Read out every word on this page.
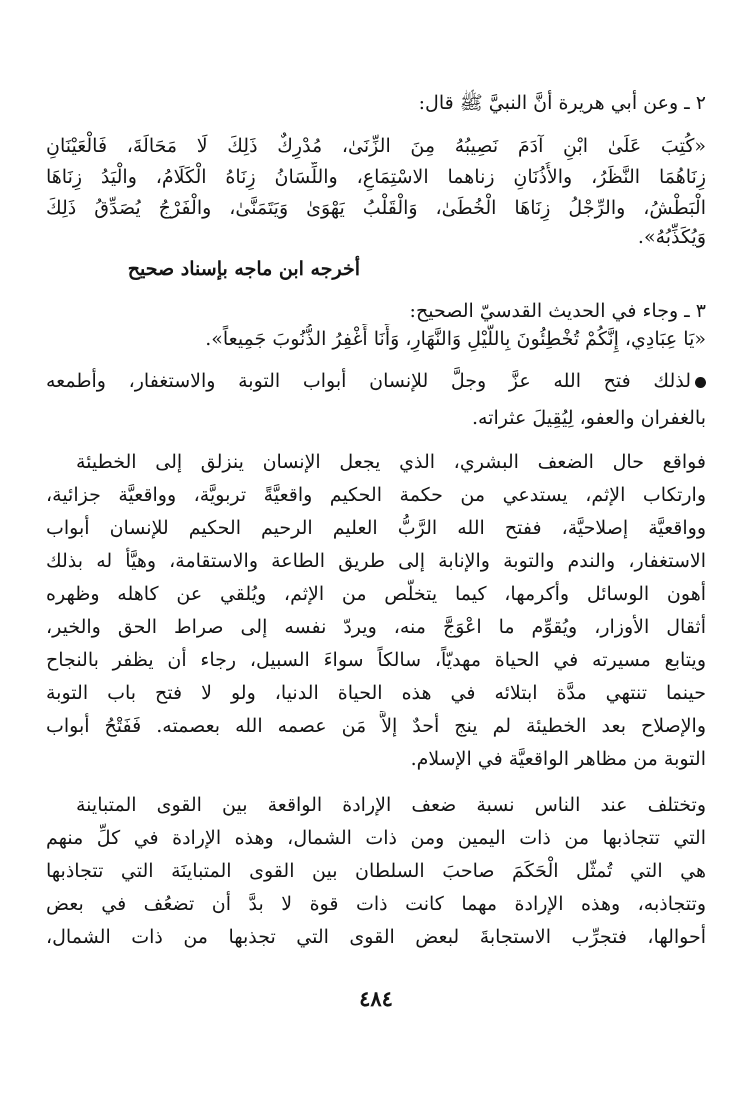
٢ ـ وعن أبي هريرة أنَّ النبيَّ ﷺ قال:
«كُتِبَ عَلَىٰ ابْنِ آدَمَ نَصِيبُهُ مِنَ الزِّنَىٰ، مُدْرِكٌ ذَلِكَ لَا مَحَالَةَ، فَالْعَيْنَانِ
زِنَاهُمَا النَّظَرُ، والأُذُنَانِ زناهما الاسْتِمَاعِ، واللِّسَانُ زِنَاهُ الْكَلَامُ، والْيَدُ زِنَاهَا
الْبَطْشُ، والرِّجْلُ زِنَاهَا الْخُطَىٰ، وَالْقَلْبُ يَهْوَىٰ وَيَتَمَنَّىٰ، والْفَرْجُ يُصَدِّقُ ذَلِكَ
وَيُكَذِّبُهُ».
أخرجه ابن ماجه بإسناد صحيح
٣ ـ وجاء في الحديث القدسيّ الصحيح:
«يَا عِبَادِي، إِنَّكُمْ تُخْطِئُونَ بِاللَّيْلِ وَالنَّهَارِ، وَأَنَا أَغْفِرُ الذُّنُوبَ جَمِيعاً».
لذلك فتح الله عزَّ وجلَّ للإنسان أبواب التوبة والاستغفار، وأطمعه
بالغفران والعفو، لِيُقِيلَ عثراته.
فواقع حال الضعف البشري، الذي يجعل الإنسان ينزلق إلى الخطيئة
وارتكاب الإثم، يستدعي من حكمة الحكيم واقعيَّةً تربويَّة، وواقعيَّة جزائية،
وواقعيَّة إصلاحيَّة، ففتح الله الرَّبُّ العليم الرحيم الحكيم للإنسان أبواب
الاستغفار، والندم والتوبة والإنابة إلى طريق الطاعة والاستقامة، وهيَّأ له بذلك
أهون الوسائل وأكرمها، كيما يتخلَّص من الإثم، ويُلقي عن كاهله وظهره
أثقال الأوزار، ويُقوِّم ما اعْوَجَّ منه، ويردّ نفسه إلى صراط الحق والخير،
ويتابع مسيرته في الحياة مهديّاً، سالكاً سواءَ السبيل، رجاء أن يظفر بالنجاح
حينما تنتهي مدَّة ابتلائه في هذه الحياة الدنيا، ولو لا فتح باب التوبة
والإصلاح بعد الخطيئة لم ينج أحدٌ إلاَّ مَن عصمه الله بعصمته. فَفَتْحُ أبواب
التوبة من مظاهر الواقعيَّة في الإسلام.
وتختلف عند الناس نسبة ضعف الإرادة الواقعة بين القوى المتباينة
التي تتجاذبها من ذات اليمين ومن ذات الشمال، وهذه الإرادة في كلِّ منهم
هي التي تُمثّل الْحَكَمَ صاحبَ السلطان بين القوى المتباينَة التي تتجاذبها
وتتجاذبه، وهذه الإرادة مهما كانت ذات قوة لا بدَّ أن تضعُف في بعض
أحوالها، فتجرِّب الاستجابةَ لبعض القوى التي تجذبها من ذات الشمال،
٤٨٤
